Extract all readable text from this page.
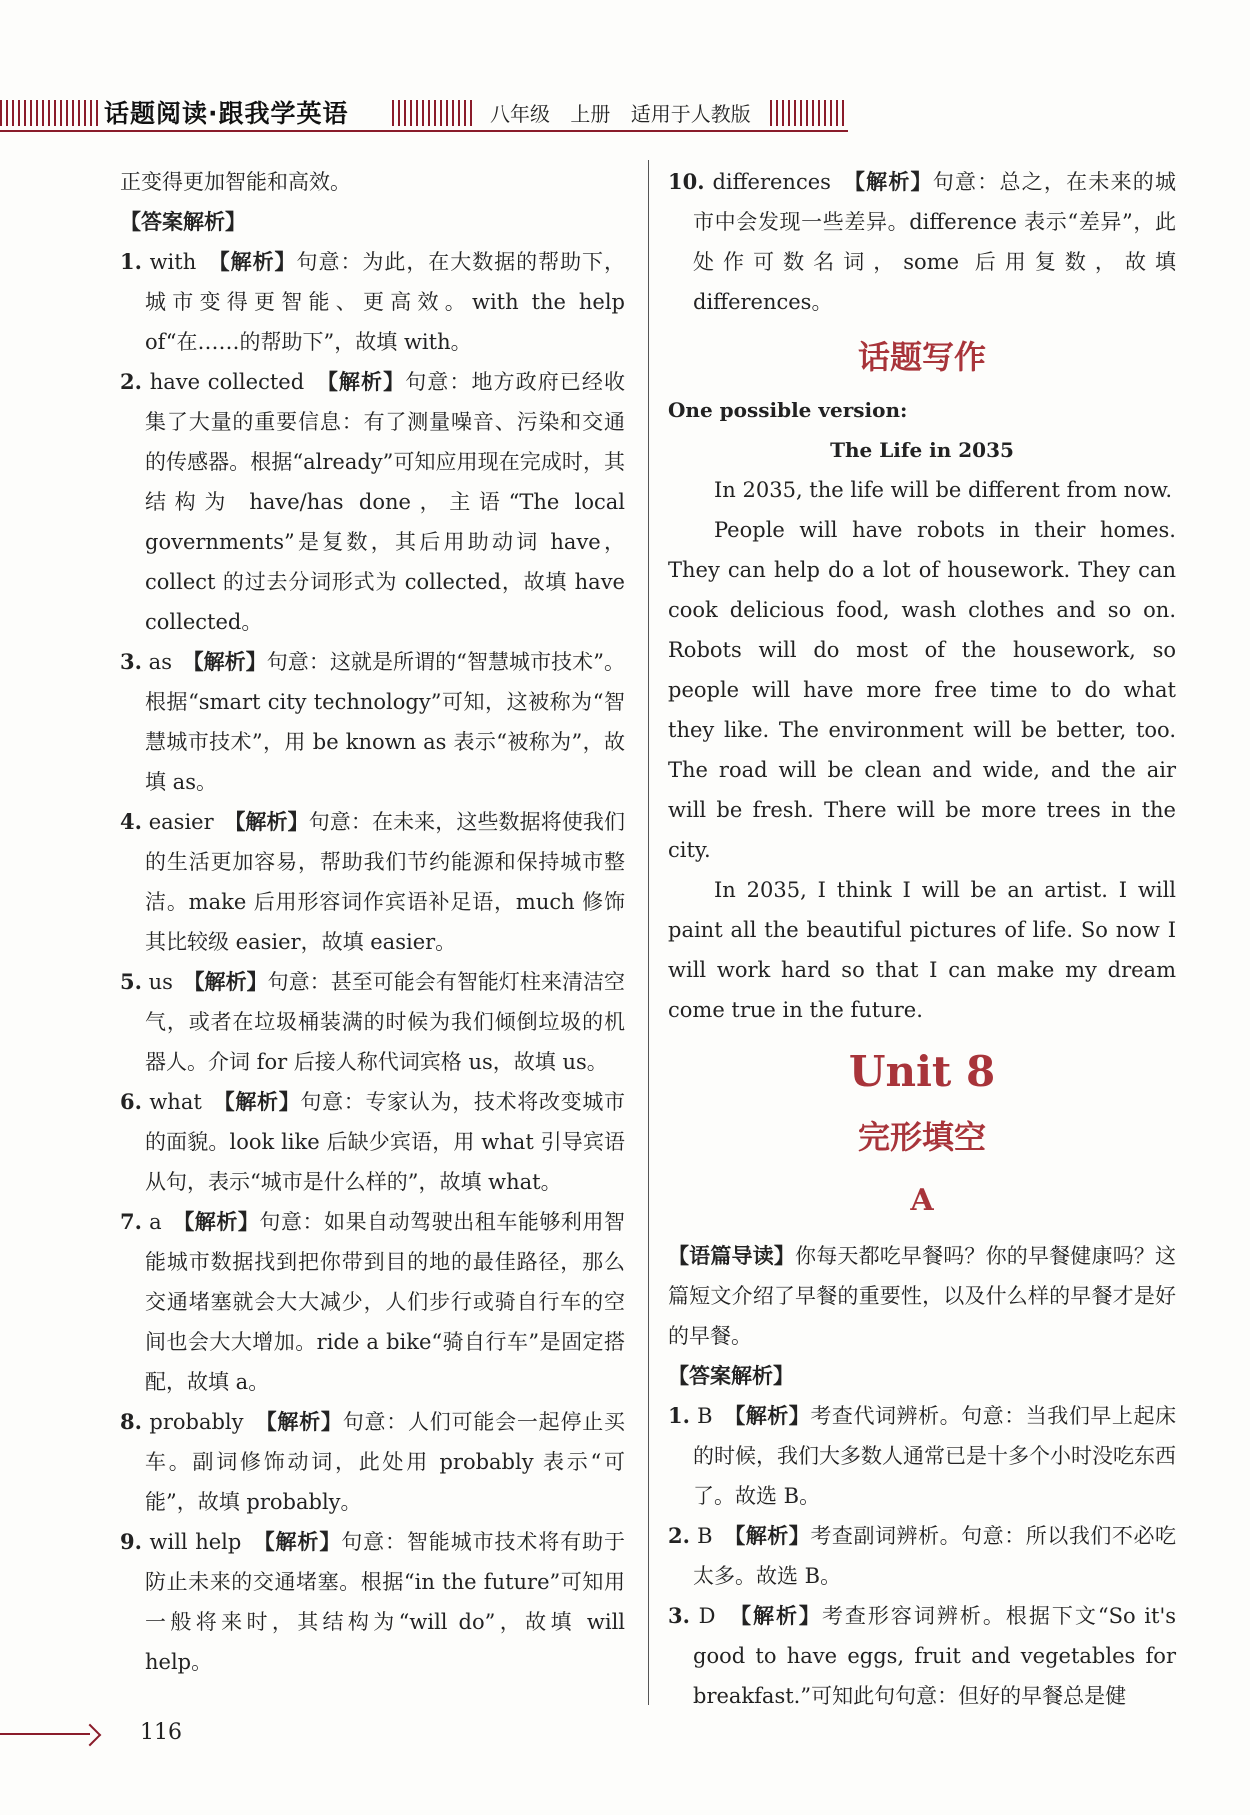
话题阅读·跟我学英语	八年级 上册 适用于人教版

正变得更加智能和高效。

【答案解析】

1. with　 【解析】句意：为此，在大数据的帮助下，城市变得更智能、更高效。with the help of“在……的帮助下”，故填 with。

2. have collected　 【解析】句意：地方政府已经收集了大量的重要信息：有了测量噪音、污染和交通的传感器。根据“already”可知应用现在完成时，其结构为 have/has done，主语“The local governments”是复数，其后用助动词 have，collect 的过去分词形式为 collected，故填 have collected。

3. as　 【解析】句意：这就是所谓的“智慧城市技术”。根据“smart city technology”可知，这被称为“智慧城市技术”，用 be known as 表示“被称为”，故填 as。

4. easier　 【解析】句意：在未来，这些数据将使我们的生活更加容易，帮助我们节约能源和保持城市整洁。make 后用形容词作宾语补足语，much 修饰其比较级 easier，故填 easier。

5. us　 【解析】句意：甚至可能会有智能灯柱来清洁空气，或者在垃圾桶装满的时候为我们倾倒垃圾的机器人。介词 for 后接人称代词宾格 us，故填 us。

6. what　 【解析】句意：专家认为，技术将改变城市的面貌。look like 后缺少宾语，用 what 引导宾语从句，表示“城市是什么样的”，故填 what。

7. a　 【解析】句意：如果自动驾驶出租车能够利用智能城市数据找到把你带到目的地的最佳路径，那么交通堵塞就会大大减少，人们步行或骑自行车的空间也会大大增加。ride a bike“骑自行车”是固定搭配，故填 a。

8. probably　 【解析】句意：人们可能会一起停止买车。副词修饰动词，此处用 probably 表示“可能”，故填 probably。

9. will help　 【解析】句意：智能城市技术将有助于防止未来的交通堵塞。根据“in the future”可知用一般将来时，其结构为“will do”，故填 will help。

10. differences　 【解析】句意：总之，在未来的城市中会发现一些差异。difference 表示“差异”，此处作可数名词，some 后用复数，故填 differences。

话题写作

One possible version:

The Life in 2035

In 2035, the life will be different from now.

People will have robots in their homes. They can help do a lot of housework. They can cook delicious food, wash clothes and so on. Robots will do most of the housework, so people will have more free time to do what they like. The environment will be better, too. The road will be clean and wide, and the air will be fresh. There will be more trees in the city.

In 2035, I think I will be an artist. I will paint all the beautiful pictures of life. So now I will work hard so that I can make my dream come true in the future.

Unit 8
完形填空
A

【语篇导读】你每天都吃早餐吗？你的早餐健康吗？这篇短文介绍了早餐的重要性，以及什么样的早餐才是好的早餐。

【答案解析】

1. B　 【解析】考查代词辨析。句意：当我们早上起床的时候，我们大多数人通常已是十多个小时没吃东西了。故选 B。

2. B　 【解析】考查副词辨析。句意：所以我们不必吃太多。故选 B。

3. D　 【解析】考查形容词辨析。根据下文“So it's good to have eggs, fruit and vegetables for breakfast.”可知此句句意：但好的早餐总是健

116
